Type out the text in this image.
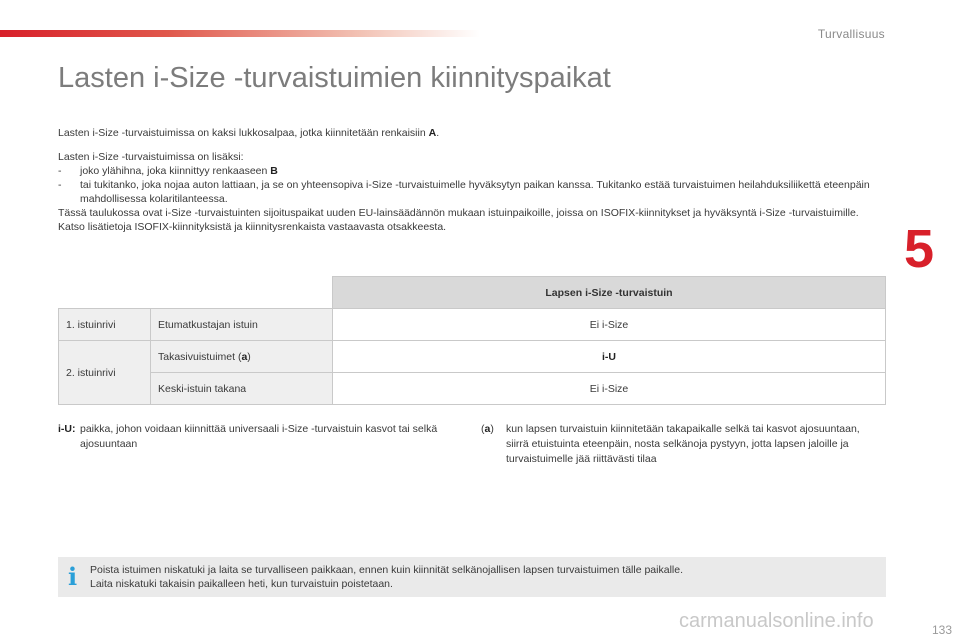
Turvallisuus
5
Lasten i-Size -turvaistuimien kiinnityspaikat

Lasten i-Size -turvaistuimissa on kaksi lukkosalpaa, jotka kiinnitetään renkaisiin A.

Lasten i-Size -turvaistuimissa on lisäksi:
- joko ylähihna, joka kiinnittyy renkaaseen B
- tai tukitanko, joka nojaa auton lattiaan, ja se on yhteensopiva i-Size -turvaistuimelle hyväksytyn paikan kanssa. Tukitanko estää turvaistuimen heilahduksiliikettä eteenpäin mahdollisessa kolaritilanteessa.
Tässä taulukossa ovat i-Size -turvaistuinten sijoituspaikat uuden EU-lainsäädännön mukaan istuinpaikoille, joissa on ISOFIX-kiinnitykset ja hyväksyntä i-Size -turvaistuimille.
Katso lisätietoja ISOFIX-kiinnityksistä ja kiinnitysrenkaista vastaavasta otsakkeesta.
		Lapsen i-Size -turvaistuin
1. istuinrivi	Etumatkustajan istuin	Ei i-Size
2. istuinrivi	Takasivuistuimet (a)	i-U
	Keski-istuin takana	Ei i-Size
i-U: paikka, johon voidaan kiinnittää universaali i-Size -turvaistuin kasvot tai selkä ajosuuntaan
(a)	kun lapsen turvaistuin kiinnitetään takapaikalle selkä tai kasvot ajosuuntaan, siirrä etuistuinta eteenpäin, nosta selkänoja pystyyn, jotta lapsen jaloille ja turvaistuimelle jää riittävästi tilaa
i Poista istuimen niskatuki ja laita se turvalliseen paikkaan, ennen kuin kiinnität selkänojallisen lapsen turvaistuimen tälle paikalle.
Laita niskatuki takaisin paikalleen heti, kun turvaistuin poistetaan.
carmanualsonline.info	133
